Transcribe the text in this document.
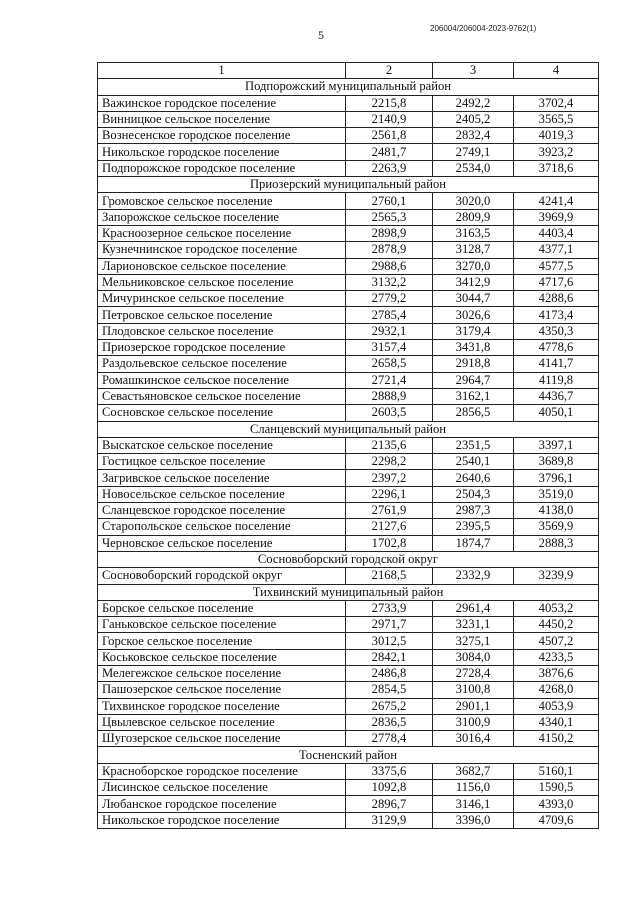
5	206004/206004-2023-9762(1)
1	2	3	4
Подпорожский муниципальный район			
Важинское городское поселение	2215,8	2492,2	3702,4
Винницкое сельское поселение	2140,9	2405,2	3565,5
Вознесенское городское поселение	2561,8	2832,4	4019,3
Никольское городское поселение	2481,7	2749,1	3923,2
Подпорожское городское поселение	2263,9	2534,0	3718,6
Приозерский муниципальный район			
Громовское сельское поселение	2760,1	3020,0	4241,4
Запорожское сельское поселение	2565,3	2809,9	3969,9
Красноозерное сельское поселение	2898,9	3163,5	4403,4
Кузнечнинское городское поселение	2878,9	3128,7	4377,1
Ларионовское сельское поселение	2988,6	3270,0	4577,5
Мельниковское сельское поселение	3132,2	3412,9	4717,6
Мичуринское сельское поселение	2779,2	3044,7	4288,6
Петровское сельское поселение	2785,4	3026,6	4173,4
Плодовское сельское поселение	2932,1	3179,4	4350,3
Приозерское городское поселение	3157,4	3431,8	4778,6
Раздольевское сельское поселение	2658,5	2918,8	4141,7
Ромашкинское сельское поселение	2721,4	2964,7	4119,8
Севастьяновское сельское поселение	2888,9	3162,1	4436,7
Сосновское сельское поселение	2603,5	2856,5	4050,1
Сланцевский муниципальный район			
Выскатское сельское поселение	2135,6	2351,5	3397,1
Гостицкое сельское поселение	2298,2	2540,1	3689,8
Загривское сельское поселение	2397,2	2640,6	3796,1
Новосельское сельское поселение	2296,1	2504,3	3519,0
Сланцевское городское поселение	2761,9	2987,3	4138,0
Старопольское сельское поселение	2127,6	2395,5	3569,9
Черновское сельское поселение	1702,8	1874,7	2888,3
Сосновоборский городской округ			
Сосновоборский городской округ	2168,5	2332,9	3239,9
Тихвинский муниципальный район			
Борское сельское поселение	2733,9	2961,4	4053,2
Ганьковское сельское поселение	2971,7	3231,1	4450,2
Горское сельское поселение	3012,5	3275,1	4507,2
Коськовское сельское поселение	2842,1	3084,0	4233,5
Мелегежское сельское поселение	2486,8	2728,4	3876,6
Пашозерское сельское поселение	2854,5	3100,8	4268,0
Тихвинское городское поселение	2675,2	2901,1	4053,9
Цвылевское сельское поселение	2836,5	3100,9	4340,1
Шугозерское сельское поселение	2778,4	3016,4	4150,2
Тосненский район			
Красноборское городское поселение	3375,6	3682,7	5160,1
Лисинское сельское поселение	1092,8	1156,0	1590,5
Любанское городское поселение	2896,7	3146,1	4393,0
Никольское городское поселение	3129,9	3396,0	4709,6
